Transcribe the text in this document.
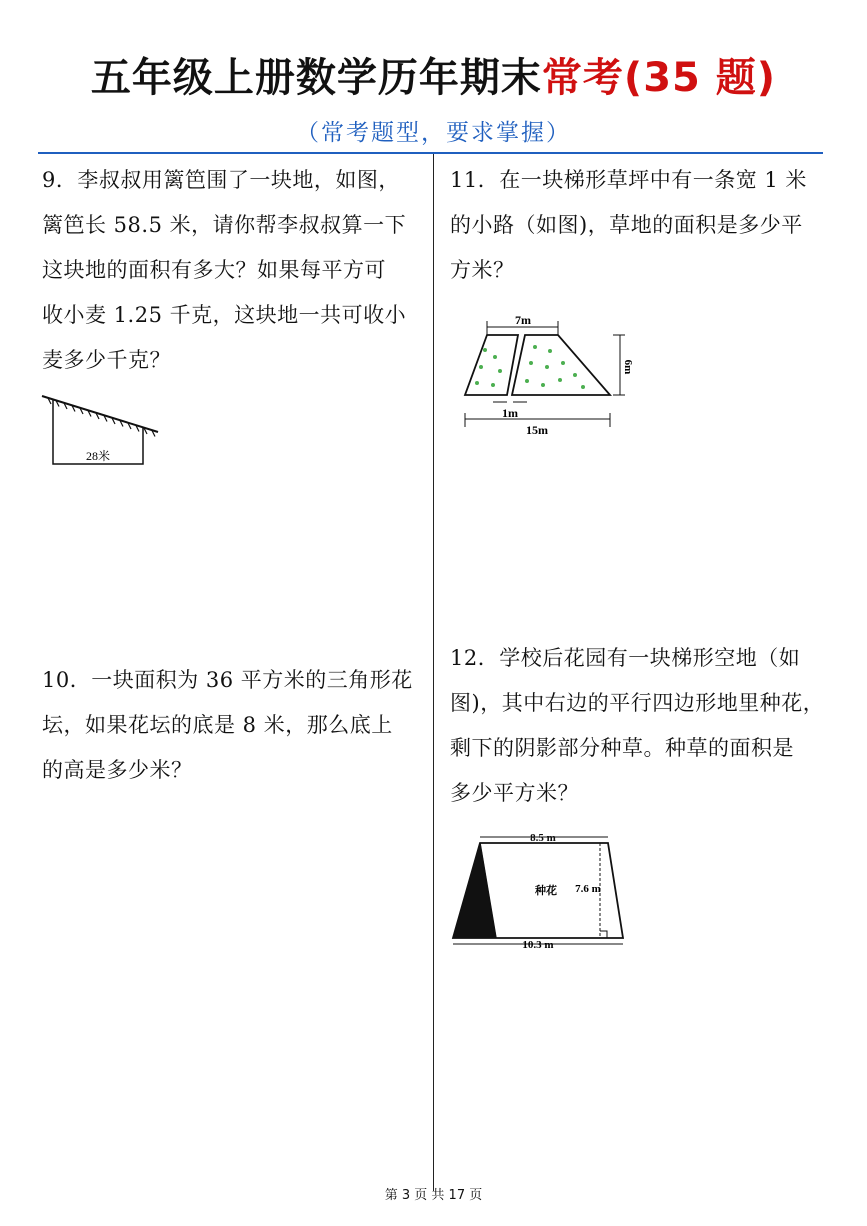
五年级上册数学历年期末常考(35 题)
（常考题型，要求掌握）

9．李叔叔用篱笆围了一块地，如图，

篱笆长 58.5 米，请你帮李叔叔算一下

这块地的面积有多大？如果每平方可

收小麦 1.25 千克，这块地一共可收小

麦多少千克？

28米

10．一块面积为 36 平方米的三角形花

坛，如果花坛的底是 8 米，那么底上

的高是多少米？

11．在一块梯形草坪中有一条宽 1 米

的小路（如图)，草地的面积是多少平

方米？

7m
6m
1m
15m

12．学校后花园有一块梯形空地（如

图)，其中右边的平行四边形地里种花，

剩下的阴影部分种草。种草的面积是

多少平方米？

8.5 m
种花 7.6 m
10.3 m
第 3 页 共 17 页
